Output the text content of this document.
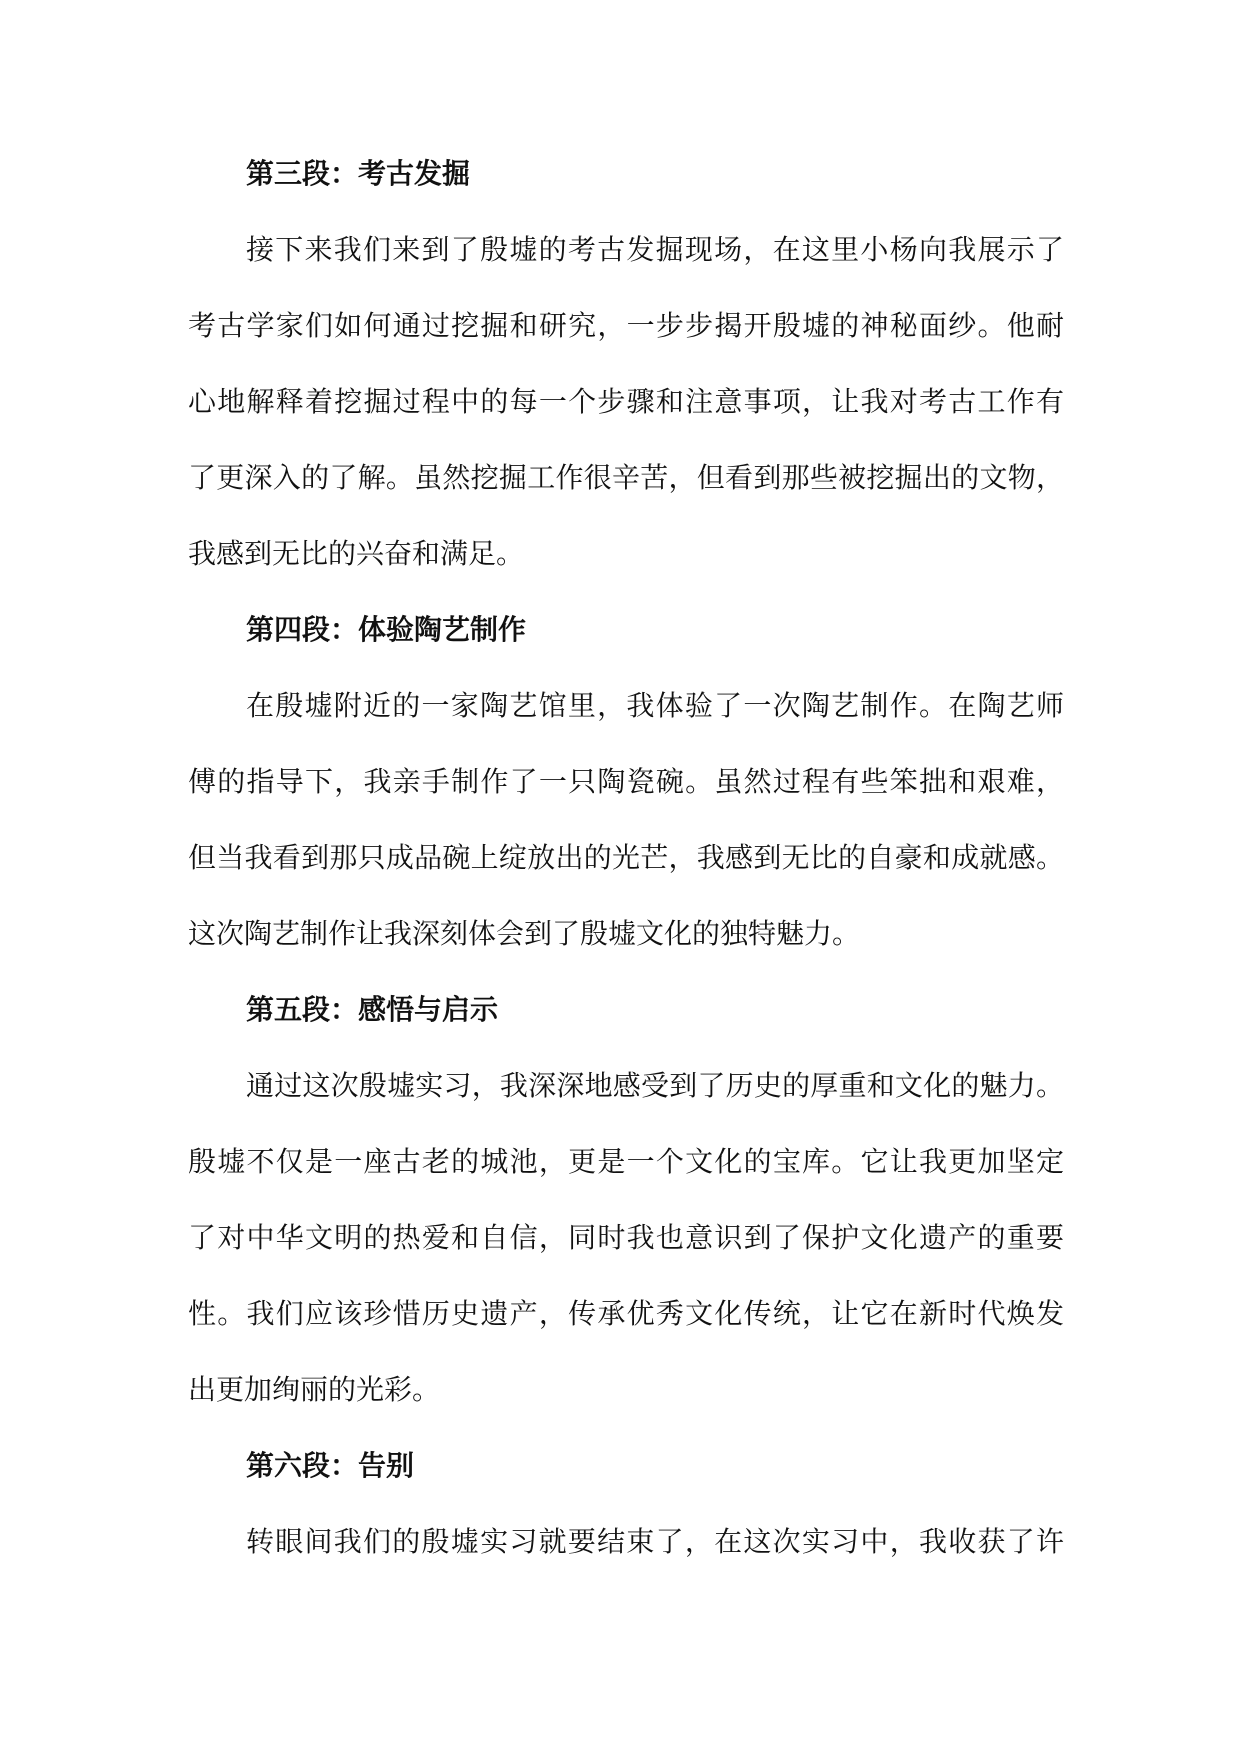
第三段：考古发掘
接下来我们来到了殷墟的考古发掘现场，在这里小杨向我展示了
考古学家们如何通过挖掘和研究，一步步揭开殷墟的神秘面纱。他耐
心地解释着挖掘过程中的每一个步骤和注意事项，让我对考古工作有
了更深入的了解。虽然挖掘工作很辛苦，但看到那些被挖掘出的文物，
我感到无比的兴奋和满足。
第四段：体验陶艺制作
在殷墟附近的一家陶艺馆里，我体验了一次陶艺制作。在陶艺师
傅的指导下，我亲手制作了一只陶瓷碗。虽然过程有些笨拙和艰难，
但当我看到那只成品碗上绽放出的光芒，我感到无比的自豪和成就感。
这次陶艺制作让我深刻体会到了殷墟文化的独特魅力。
第五段：感悟与启示
通过这次殷墟实习，我深深地感受到了历史的厚重和文化的魅力。
殷墟不仅是一座古老的城池，更是一个文化的宝库。它让我更加坚定
了对中华文明的热爱和自信，同时我也意识到了保护文化遗产的重要
性。我们应该珍惜历史遗产，传承优秀文化传统，让它在新时代焕发
出更加绚丽的光彩。
第六段：告别
转眼间我们的殷墟实习就要结束了，在这次实习中，我收获了许
